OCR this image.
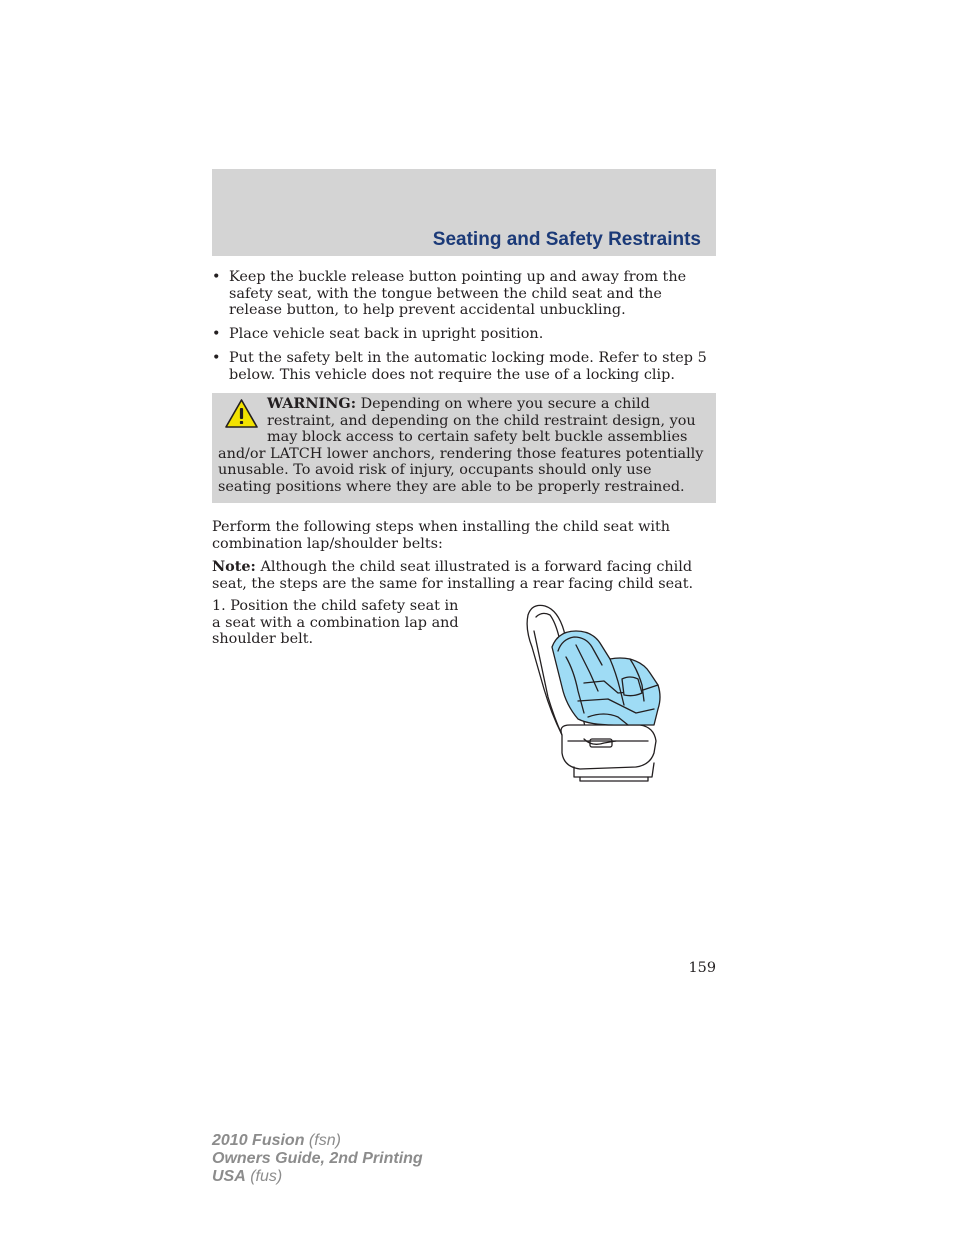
Seating and Safety Restraints

• Keep the buckle release button pointing up and away from the safety seat, with the tongue between the child seat and the release button, to help prevent accidental unbuckling.

• Place vehicle seat back in upright position.

• Put the safety belt in the automatic locking mode. Refer to step 5 below. This vehicle does not require the use of a locking clip.

WARNING: Depending on where you secure a child restraint, and depending on the child restraint design, you may block access to certain safety belt buckle assemblies and/or LATCH lower anchors, rendering those features potentially unusable. To avoid risk of injury, occupants should only use seating positions where they are able to be properly restrained.

Perform the following steps when installing the child seat with combination lap/shoulder belts:

Note: Although the child seat illustrated is a forward facing child seat, the steps are the same for installing a rear facing child seat.

1. Position the child safety seat in a seat with a combination lap and shoulder belt.

159
2010 Fusion (fsn)
Owners Guide, 2nd Printing
USA (fus)
